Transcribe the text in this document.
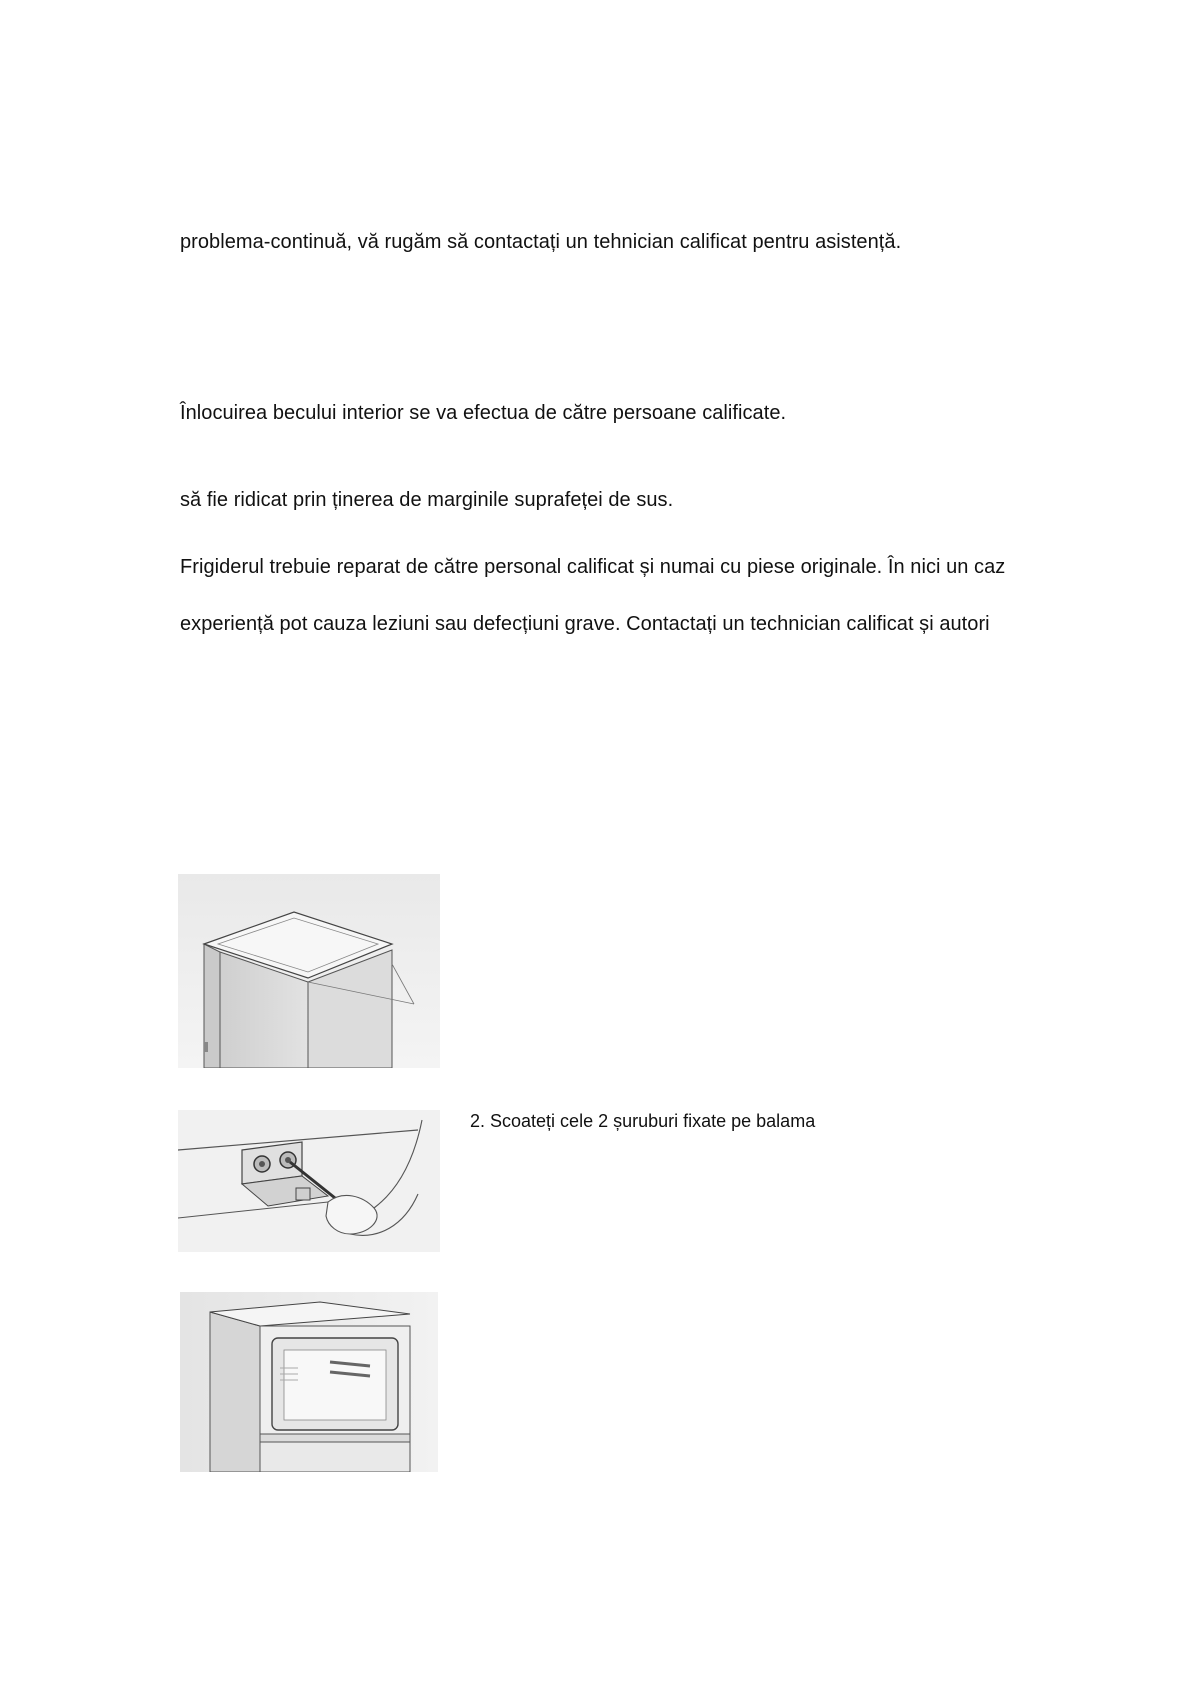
problema-continuă, vă rugăm să contactați un tehnician calificat pentru asistență.

Înlocuirea becului interior se va efectua de către persoane calificate.

să fie ridicat prin ținerea de marginile suprafeței de sus.

Frigiderul trebuie reparat de către personal calificat și numai cu piese originale. În nici un caz

experiență pot cauza leziuni sau defecțiuni grave. Contactați un technician calificat și autori

2. Scoateți cele 2 șuruburi fixate pe balama
